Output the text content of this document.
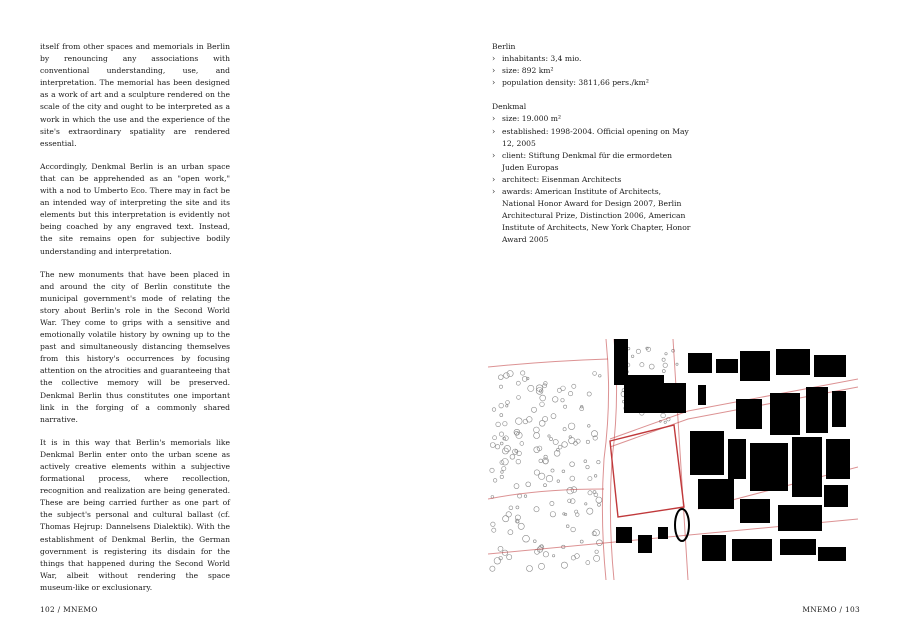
itself from other spaces and memorials in Berlin by renouncing any associations with conventional understanding, use, and interpretation. The memorial has been designed as a work of art and a sculpture rendered on the scale of the city and ought to be interpreted as a work in which the use and the experience of the site's extraordinary spatiality are rendered essential.

Accordingly, Denkmal Berlin is an urban space that can be apprehended as an "open work," with a nod to Umberto Eco. There may in fact be an intended way of interpreting the site and its elements but this interpretation is evidently not being coached by any engraved text. Instead, the site remains open for subjective bodily understanding and interpretation.

The new monuments that have been placed in and around the city of Berlin constitute the municipal government's mode of relating the story about Berlin's role in the Second World War. They come to grips with a sensitive and emotionally volatile history by owning up to the past and simultaneously distancing themselves from this history's occurrences by focusing attention on the atrocities and guaranteeing that the collective memory will be preserved. Denkmal Berlin thus constitutes one important link in the forging of a commonly shared narrative.

It is in this way that Berlin's memorials like Denkmal Berlin enter onto the urban scene as actively creative elements within a subjective formational process, where recollection, recognition and realization are being generated. These are being carried further as one part of the subject's personal and cultural ballast (cf. Thomas Hejrup: Dannelsens Dialektik). With the establishment of Denkmal Berlin, the German government is registering its disdain for the things that happened during the Second World War, albeit without rendering the space museum-like or exclusionary.

Berlin
› inhabitants: 3,4 mio.
› size: 892 km²
› population density: 3811,66 pers./km²
Denkmal
› size: 19.000 m²
› established: 1998-2004. Official opening on May 12, 2005
› client: Stiftung Denkmal für die ermordeten Juden Europas
› architect: Eisenman Architects
› awards: American Institute of Architects, National Honor Award for Design 2007, Berlin Architectural Prize, Distinction 2006, American Institute of Architects, New York Chapter, Honor Award 2005
102 / MNEMO	MNEMO / 103
